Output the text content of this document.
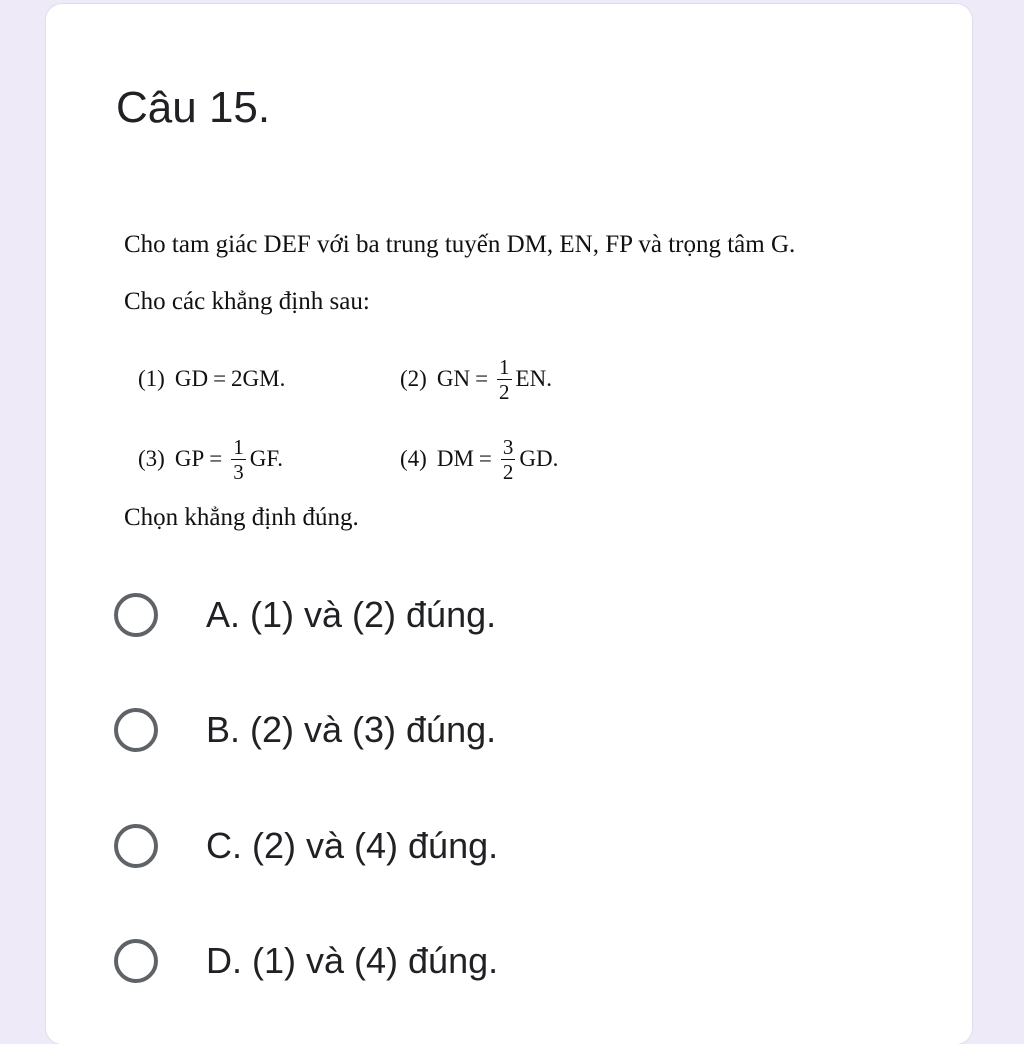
Câu 15.
Cho tam giác DEF với ba trung tuyến DM, EN, FP và trọng tâm G.
Cho các khẳng định sau:
(1) GD = 2GM.	(2) GN = $\frac{1}{2}$ EN.
(3) GP = $\frac{1}{3}$ GF.	(4) DM = $\frac{3}{2}$ GD.
Chọn khẳng định đúng.
A. (1) và (2) đúng.
B. (2) và (3) đúng.
C. (2) và (4) đúng.
D. (1) và (4) đúng.
